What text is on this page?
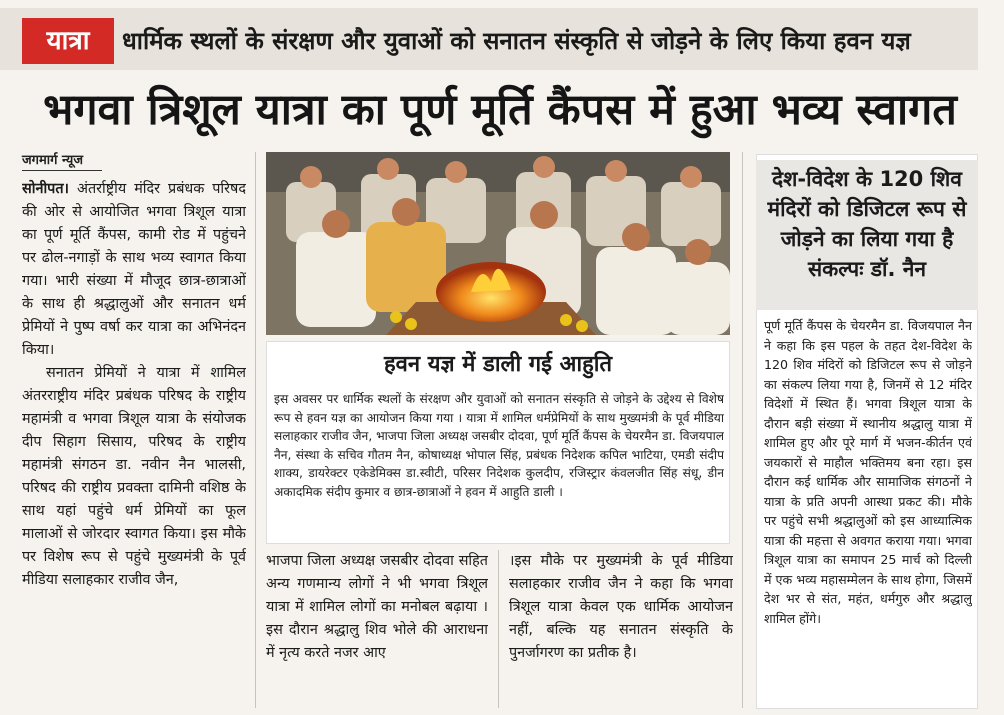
यात्रा	धार्मिक स्थलों के संरक्षण और युवाओं को सनातन संस्कृति से जोड़ने के लिए किया हवन यज्ञ
भगवा त्रिशूल यात्रा का पूर्ण मूर्ति कैंपस में हुआ भव्य स्वागत
जगमार्ग न्यूज
सोनीपत। अंतर्राष्ट्रीय मंदिर प्रबंधक परिषद की ओर से आयोजित भगवा त्रिशूल यात्रा का पूर्ण मूर्ति कैंपस, कामी रोड में पहुंचने पर ढोल-नगाड़ों के साथ भव्य स्वागत किया गया। भारी संख्या में मौजूद छात्र-छात्राओं के साथ ही श्रद्धालुओं और सनातन धर्म प्रेमियों ने पुष्प वर्षा कर यात्रा का अभिनंदन किया।
सनातन प्रेमियों ने यात्रा में शामिल अंतरराष्ट्रीय मंदिर प्रबंधक परिषद के राष्ट्रीय महामंत्री व भगवा त्रिशूल यात्रा के संयोजक दीप सिहाग सिसाय, परिषद के राष्ट्रीय महामंत्री संगठन डा. नवीन नैन भालसी, परिषद की राष्ट्रीय प्रवक्ता दामिनी वशिष्ठ के साथ यहां पहुंचे धर्म प्रेमियों का फूल मालाओं से जोरदार स्वागत किया। इस मौके पर विशेष रूप से पहुंचे मुख्यमंत्री के पूर्व मीडिया सलाहकार राजीव जैन,
हवन यज्ञ में डाली गई आहुति
इस अवसर पर धार्मिक स्थलों के संरक्षण और युवाओं को सनातन संस्कृति से जोड़ने के उद्देश्य से विशेष रूप से हवन यज्ञ का आयोजन किया गया । यात्रा में शामिल धर्मप्रेमियों के साथ मुख्यमंत्री के पूर्व मीडिया सलाहकार राजीव जैन, भाजपा जिला अध्यक्ष जसबीर दोदवा, पूर्ण मूर्ति कैंपस के चेयरमैन डा. विजयपाल नैन, संस्था के सचिव गौतम नैन, कोषाध्यक्ष भोपाल सिंह, प्रबंधक निदेशक कपिल भाटिया, एमडी संदीप शाक्य, डायरेक्टर एकेडेमिक्स डा.स्वीटी, परिसर निदेशक कुलदीप, रजिस्ट्रार कंवलजीत सिंह संधू, डीन अकादमिक संदीप कुमार व छात्र-छात्राओं ने हवन में आहुति डाली ।
भाजपा जिला अध्यक्ष जसबीर दोदवा सहित अन्य गणमान्य लोगों ने भी भगवा त्रिशूल यात्रा में शामिल लोगों का मनोबल बढ़ाया । इस दौरान श्रद्धालु शिव भोले की आराधना में नृत्य करते नजर आए
।इस मौके पर मुख्यमंत्री के पूर्व मीडिया सलाहकार राजीव जैन ने कहा कि भगवा त्रिशूल यात्रा केवल एक धार्मिक आयोजन नहीं, बल्कि यह सनातन संस्कृति के पुनर्जागरण का प्रतीक है।
देश-विदेश के 120 शिव मंदिरों को डिजिटल रूप से जोड़ने का लिया गया है संकल्पः डॉ. नैन
पूर्ण मूर्ति कैंपस के चेयरमैन डा. विजयपाल नैन ने कहा कि इस पहल के तहत देश-विदेश के 120 शिव मंदिरों को डिजिटल रूप से जोड़ने का संकल्प लिया गया है, जिनमें से 12 मंदिर विदेशों में स्थित हैं। भगवा त्रिशूल यात्रा के दौरान बड़ी संख्या में स्थानीय श्रद्धालु यात्रा में शामिल हुए और पूरे मार्ग में भजन-कीर्तन एवं जयकारों से माहौल भक्तिमय बना रहा। इस दौरान कई धार्मिक और सामाजिक संगठनों ने यात्रा के प्रति अपनी आस्था प्रकट की। मौके पर पहुंचे सभी श्रद्धालुओं को इस आध्यात्मिक यात्रा की महत्ता से अवगत कराया गया। भगवा त्रिशूल यात्रा का समापन 25 मार्च को दिल्ली में एक भव्य महासम्मेलन के साथ होगा, जिसमें देश भर से संत, महंत, धर्मगुरु और श्रद्धालु शामिल होंगे।
